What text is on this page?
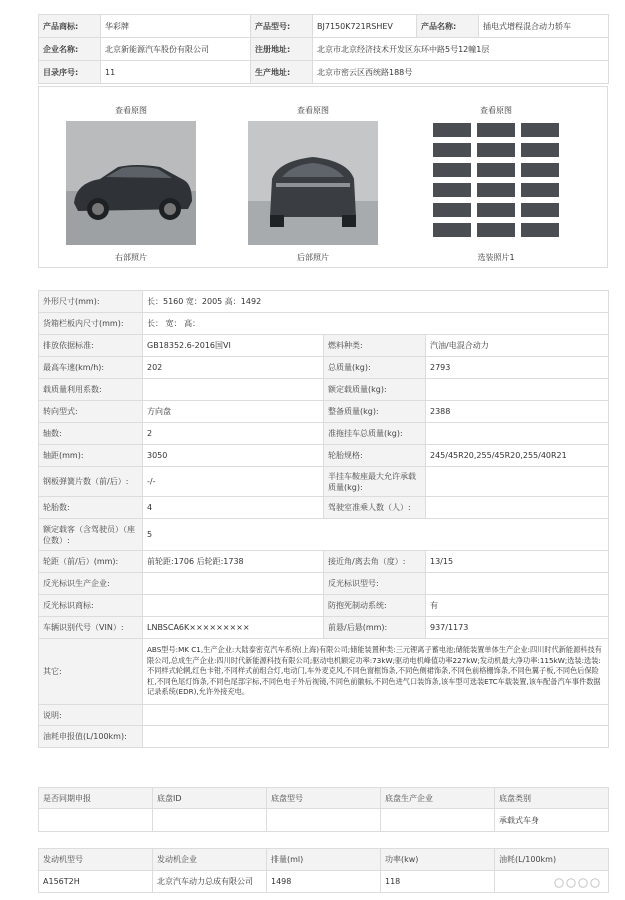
产品商标:	华彩牌	产品型号:	BJ7150K721RSHEV	产品名称:	插电式增程混合动力轿车
企业名称:	北京新能源汽车股份有限公司	注册地址:	北京市北京经济技术开发区东环中路5号12幢1层		
目录序号:	11	生产地址:	北京市密云区西统路188号		
查看原图
右部照片
查看原图
后部照片
查看原图
选装照片1
外形尺寸(mm):	长：5160 宽：2005 高：1492		
货箱栏板内尺寸(mm):	长： 宽： 高：		
排放依据标准:	GB18352.6-2016国VI	燃料种类:	汽油/电混合动力
最高车速(km/h):	202	总质量(kg):	2793
载质量利用系数:		额定载质量(kg):	
转向型式:	方向盘	整备质量(kg):	2388
轴数:	2	准拖挂车总质量(kg):	
轴距(mm):	3050	轮胎规格:	245/45R20,255/45R20,255/40R21
钢板弹簧片数（前/后）:	-/-	半挂车鞍座最大允许承载质量(kg):	
轮胎数:	4	驾驶室准乘人数（人）:	
额定载客（含驾驶员）（座位数）:	5		
轮距（前/后）(mm):	前轮距:1706 后轮距:1738	接近角/离去角（度）:	13/15
反光标识生产企业:		反光标识型号:	
反光标识商标:		防抱死制动系统:	有
车辆识别代号（VIN）:	LNBSCA6K×××××××××	前悬/后悬(mm):	937/1173
其它:	ABS型号:MK C1,生产企业:大陆泰密克汽车系统(上海)有限公司;储能装置种类:三元锂离子蓄电池;储能装置单体生产企业:四川时代新能源科技有限公司,总成生产企业:四川时代新能源科技有限公司;驱动电机额定功率:73kW;驱动电机峰值功率227kW;发动机最大净功率:115kW;选装:选装:不同样式轮辋,红色卡钳,不同样式前组合灯,电动门,车外麦克风,不同色窗框饰条,不同色侧裙饰条,不同色前格栅饰条,不同色翼子板,不同色后保险杠,不同色尾灯饰条,不同色尾部字标,不同色电子外后视镜,不同色前徽标,不同色进气口装饰条,该车型可选装ETC车载装置,该车配备汽车事件数据记录系统(EDR),允许外接充电。		
说明:			
油耗申报值(L/100km):			
是否同期申报	底盘ID	底盘型号	底盘生产企业	底盘类别
				承载式车身
发动机型号	发动机企业	排量(ml)	功率(kw)	油耗(L/100km)
A156T2H	北京汽车动力总成有限公司	1498	118	
